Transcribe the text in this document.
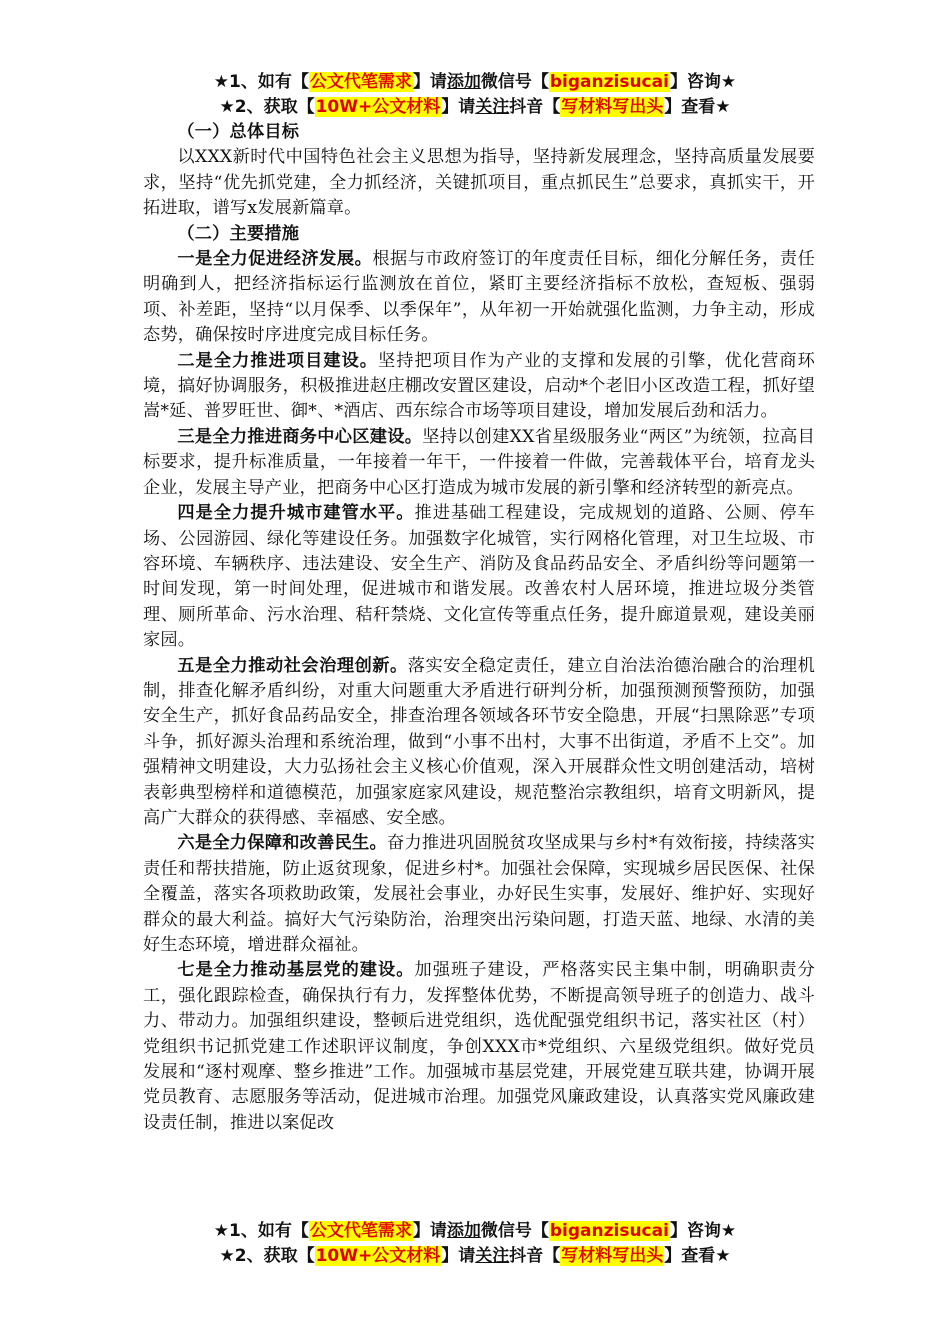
★1、如有【公文代笔需求】请添加微信号【biganzisucai】咨询★
★2、获取【10W+公文材料】请关注抖音【写材料写出头】查看★

（一）总体目标

以XXX新时代中国特色社会主义思想为指导，坚持新发展理念，坚持高质量发展要求，坚持“优先抓党建，全力抓经济，关键抓项目，重点抓民生”总要求，真抓实干，开拓进取，谱写x发展新篇章。

（二）主要措施

一是全力促进经济发展。根据与市政府签订的年度责任目标，细化分解任务，责任明确到人，把经济指标运行监测放在首位，紧盯主要经济指标不放松，查短板、强弱项、补差距，坚持“以月保季、以季保年”，从年初一开始就强化监测，力争主动，形成态势，确保按时序进度完成目标任务。

二是全力推进项目建设。坚持把项目作为产业的支撑和发展的引擎，优化营商环境，搞好协调服务，积极推进赵庄棚改安置区建设，启动*个老旧小区改造工程，抓好望嵩*延、普罗旺世、御*、*酒店、西东综合市场等项目建设，增加发展后劲和活力。

三是全力推进商务中心区建设。坚持以创建XX省星级服务业“两区”为统领，拉高目标要求，提升标准质量，一年接着一年干，一件接着一件做，完善载体平台，培育龙头企业，发展主导产业，把商务中心区打造成为城市发展的新引擎和经济转型的新亮点。

四是全力提升城市建管水平。推进基础工程建设，完成规划的道路、公厕、停车场、公园游园、绿化等建设任务。加强数字化城管，实行网格化管理，对卫生垃圾、市容环境、车辆秩序、违法建设、安全生产、消防及食品药品安全、矛盾纠纷等问题第一时间发现，第一时间处理，促进城市和谐发展。改善农村人居环境，推进垃圾分类管理、厕所革命、污水治理、秸秆禁烧、文化宣传等重点任务，提升廊道景观，建设美丽家园。

五是全力推动社会治理创新。落实安全稳定责任，建立自治法治德治融合的治理机制，排查化解矛盾纠纷，对重大问题重大矛盾进行研判分析，加强预测预警预防，加强安全生产，抓好食品药品安全，排查治理各领域各环节安全隐患，开展“扫黑除恶”专项斗争，抓好源头治理和系统治理，做到“小事不出村，大事不出街道，矛盾不上交”。加强精神文明建设，大力弘扬社会主义核心价值观，深入开展群众性文明创建活动，培树表彰典型榜样和道德模范，加强家庭家风建设，规范整治宗教组织，培育文明新风，提高广大群众的获得感、幸福感、安全感。

六是全力保障和改善民生。奋力推进巩固脱贫攻坚成果与乡村*有效衔接，持续落实责任和帮扶措施，防止返贫现象，促进乡村*。加强社会保障，实现城乡居民医保、社保全覆盖，落实各项救助政策，发展社会事业，办好民生实事，发展好、维护好、实现好群众的最大利益。搞好大气污染防治，治理突出污染问题，打造天蓝、地绿、水清的美好生态环境，增进群众福祉。

七是全力推动基层党的建设。加强班子建设，严格落实民主集中制，明确职责分工，强化跟踪检查，确保执行有力，发挥整体优势，不断提高领导班子的创造力、战斗力、带动力。加强组织建设，整顿后进党组织，选优配强党组织书记，落实社区（村）党组织书记抓党建工作述职评议制度，争创XXX市*党组织、六星级党组织。做好党员发展和“逐村观摩、整乡推进”工作。加强城市基层党建，开展党建互联共建，协调开展党员教育、志愿服务等活动，促进城市治理。加强党风廉政建设，认真落实党风廉政建设责任制，推进以案促改

★1、如有【公文代笔需求】请添加微信号【biganzisucai】咨询★
★2、获取【10W+公文材料】请关注抖音【写材料写出头】查看★
